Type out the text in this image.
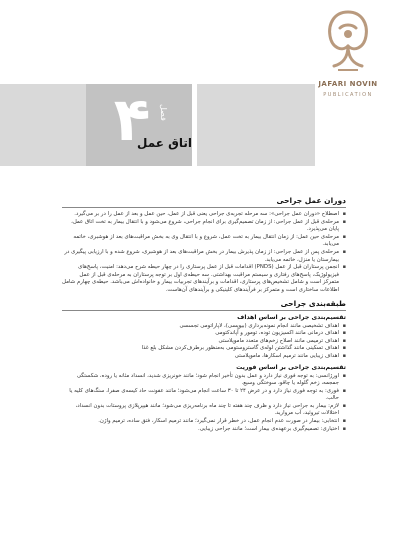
JAFARI NOVIN
PUBLICATION
۴	فصل
اتاق عمل
دوران عمل جراحی
▪ اصطلاح «دوران عمل جراحی»: سه مرحله تجربه‌ی جراحی یعنی قبل از عمل، حین عمل و بعد از عمل را در بر می‌گیرد.
▪ مرحله‌ی قبل از عمل جراحی: از زمان تصمیم‌گیری برای انجام جراحی، شروع می‌شود و با انتقال بیمار به تخت اتاق عمل، پایان می‌پذیرد.
▪ مرحله‌ی حین عمل: از زمان انتقال بیمار به تخت عمل، شروع و با انتقال وی به بخش مراقبت‌های بعد از هوشبری، خاتمه می‌یابد.
▪ مرحله‌ی پس از عمل جراحی: از زمان پذیرش بیمار در بخش مراقبت‌های بعد از هوشبری، شروع شده و با ارزیابی پیگیری در بیمارستان یا منزل، خاتمه می‌یابد.
▪ انجمن پرستاران قبل از عمل (PNDS) اقدامات قبل از عمل پرستاری را در چهار حیطه شرح می‌دهد: امنیت، پاسخ‌های فیزیولوژیک، پاسخ‌های رفتاری و سیستم مراقبت بهداشتی. سه حیطه‌ی اول بر توجه پرستاران به مرحله‌ی قبل از عمل متمرکز است و شامل تشخیص‌های پرستاری، اقدامات و برآیندهای تجربیات بیمار و خانواده‌اش می‌باشد. حیطه‌ی چهارم شامل اطلاعات ساختاری است و متمرکز بر فرآیندهای کلینیکی و برآیندهای آن‌هاست.
طبقه‌بندی جراحی
تقسیم‌بندی جراحی بر اساس اهداف
▪ اهداف تشخیصی مانند انجام نمونه‌برداری (بیوپسی)، لاپاراتومی تجسسی
▪ اهداف درمانی مانند اکسیزیون توده، تومور و آپاندکتومی
▪ اهداف ترمیمی مانند اصلاح زخم‌های متعدد ماموپلاستی
▪ اهداف تسکینی مانند گذاشتن لوله‌ی گاستروستومی به‌منظور برطرف‌کردن مشکل بلع غذا
▪ اهداف زیبایی مانند ترمیم اسکارها، ماموپلاستی
تقسیم‌بندی جراحی بر اساس فوریت
▪ اورژانسی: به توجه فوری نیاز دارد و عمل بدون تأخیر انجام شود؛ مانند خونریزی شدید، انسداد مثانه یا روده، شکستگی جمجمه، زخم گلوله یا چاقو، سوختگی وسیع.
▪ فوری: به توجه فوری نیاز دارد و در عرض ۲۴ تا ۳۰ ساعت انجام می‌شود؛ مانند عفونت حاد کیسه‌ی صفرا، سنگ‌های کلیه یا حالب.
▪ لازم: بیمار به جراحی نیاز دارد و ظرف چند هفته تا چند ماه برنامه‌ریزی می‌شود؛ مانند هیپرپلازی پروستات بدون انسداد، اختلالات تیروئید، آب مروارید.
▪ انتخابی: بیمار در صورت عدم انجام عمل، در خطر قرار نمی‌گیرد؛ مانند ترمیم اسکار، فتق ساده، ترمیم واژن.
▪ اختیاری: تصمیم‌گیری برعهده‌ی بیمار است؛ مانند جراحی زیبایی.
